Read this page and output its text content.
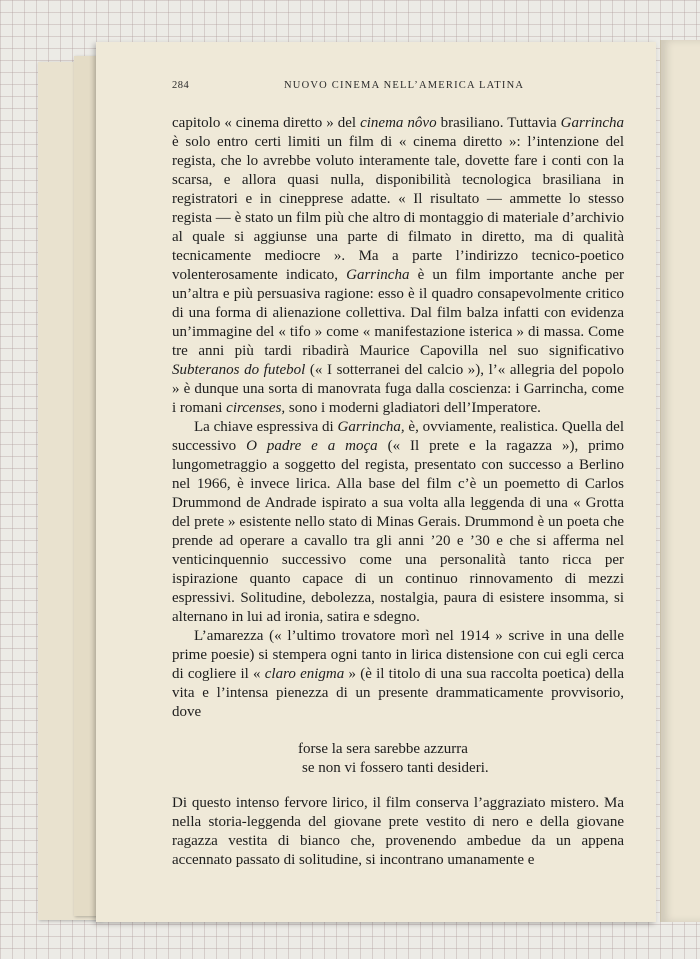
284	NUOVO CINEMA NELL’AMERICA LATINA

capitolo « cinema diretto » del cinema nôvo brasiliano. Tuttavia Garrincha è solo entro certi limiti un film di « cinema diretto »: l’intenzione del regista, che lo avrebbe voluto interamente tale, dovette fare i conti con la scarsa, e allora quasi nulla, disponibilità tecnologica brasiliana in registratori e in cinepprese adatte. « Il risultato — ammette lo stesso regista — è stato un film più che altro di montaggio di materiale d’archivio al quale si aggiunse una parte di filmato in diretto, ma di qualità tecnicamente mediocre ». Ma a parte l’indirizzo tecnico-poetico volenterosamente indicato, Garrincha è un film importante anche per un’altra e più persuasiva ragione: esso è il quadro consapevolmente critico di una forma di alienazione collettiva. Dal film balza infatti con evidenza un’immagine del « tifo » come « manifestazione isterica » di massa. Come tre anni più tardi ribadirà Maurice Capovilla nel suo significativo Subteranos do futebol (« I sotterranei del calcio »), l’« allegria del popolo » è dunque una sorta di manovrata fuga dalla coscienza: i Garrincha, come i romani circenses, sono i moderni gladiatori dell’Imperatore.

La chiave espressiva di Garrincha, è, ovviamente, realistica. Quella del successivo O padre e a moça (« Il prete e la ragazza »), primo lungometraggio a soggetto del regista, presentato con successo a Berlino nel 1966, è invece lirica. Alla base del film c’è un poemetto di Carlos Drummond de Andrade ispirato a sua volta alla leggenda di una « Grotta del prete » esistente nello stato di Minas Gerais. Drummond è un poeta che prende ad operare a cavallo tra gli anni ’20 e ’30 e che si afferma nel venticinquennio successivo come una personalità tanto ricca per ispirazione quanto capace di un continuo rinnovamento di mezzi espressivi. Solitudine, debolezza, nostalgia, paura di esistere insomma, si alternano in lui ad ironia, satira e sdegno.

L’amarezza (« l’ultimo trovatore morì nel 1914 » scrive in una delle prime poesie) si stempera ogni tanto in lirica distensione con cui egli cerca di cogliere il « claro enigma » (è il titolo di una sua raccolta poetica) della vita e l’intensa pienezza di un presente drammaticamente provvisorio, dove

forse la sera sarebbe azzurra
se non vi fossero tanti desideri.

Di questo intenso fervore lirico, il film conserva l’aggraziato mistero. Ma nella storia-leggenda del giovane prete vestito di nero e della giovane ragazza vestita di bianco che, provenendo ambedue da un appena accennato passato di solitudine, si incontrano umanamente e
